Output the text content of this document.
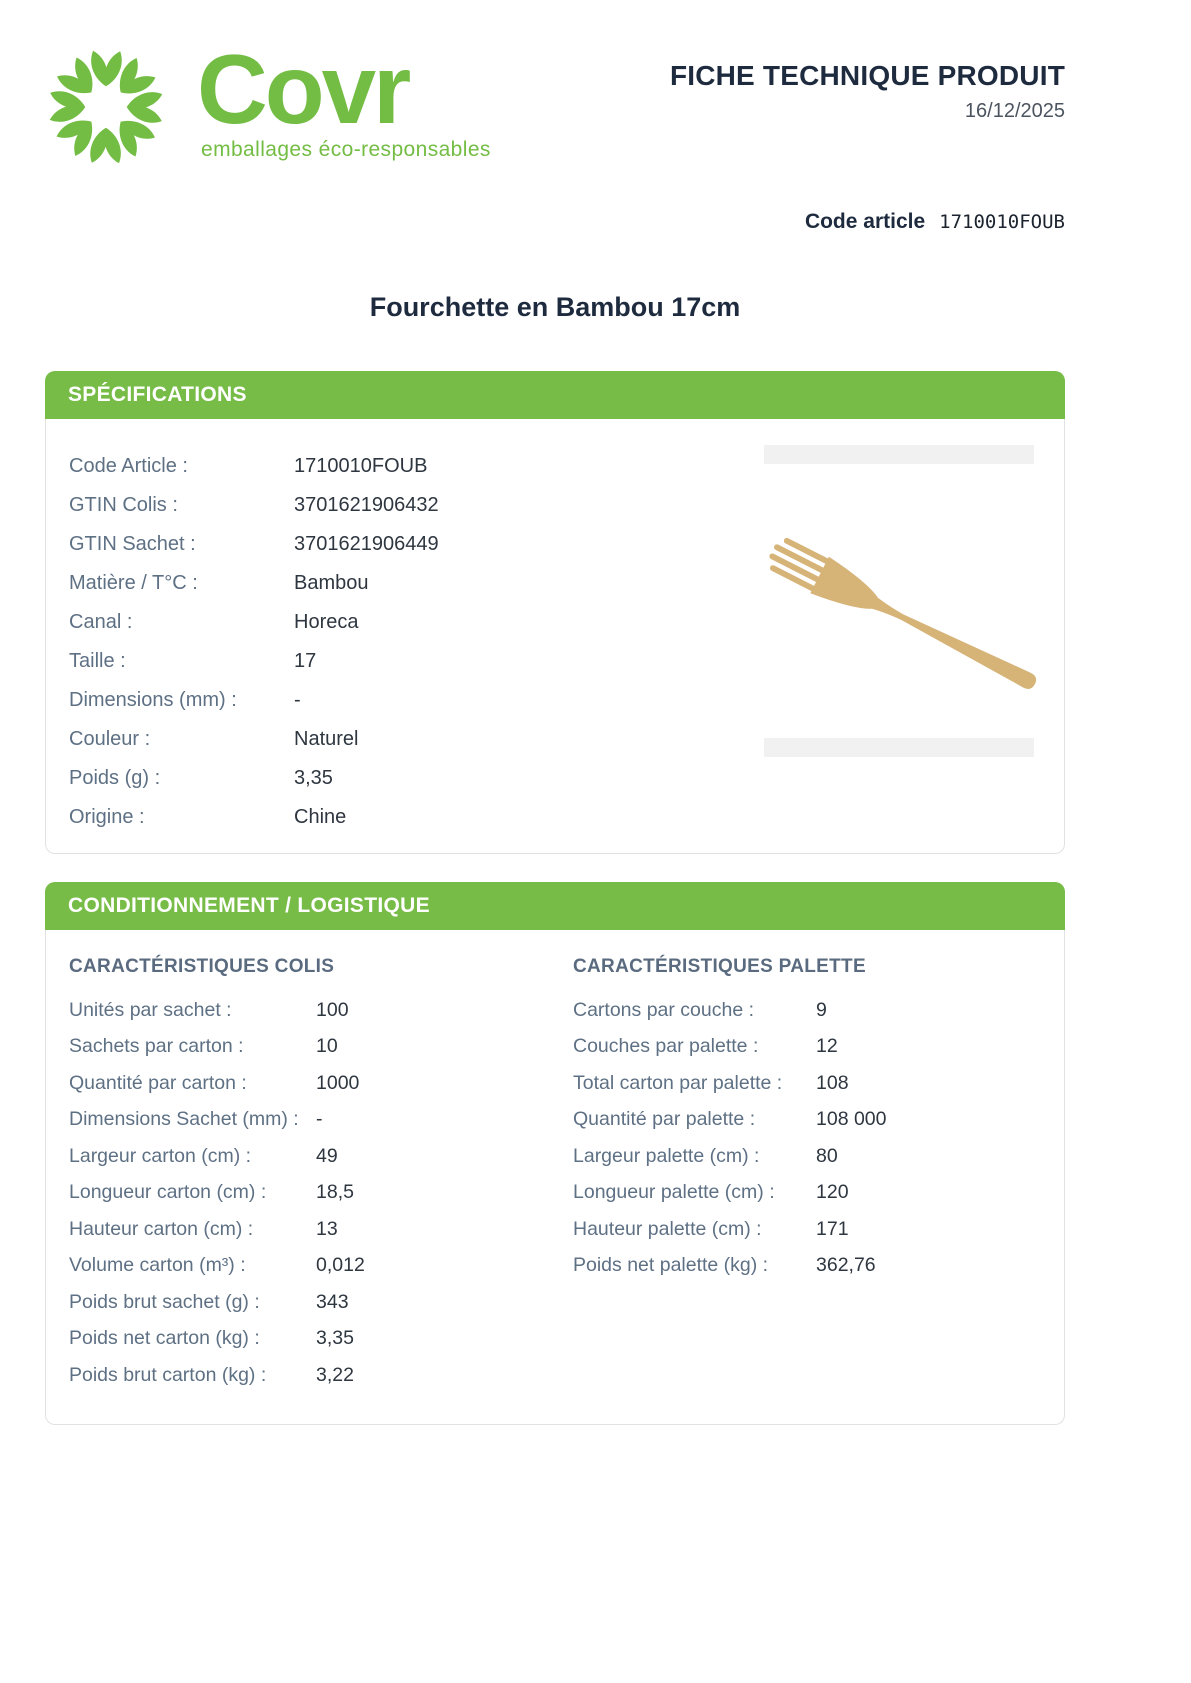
Covr
emballages éco-responsables
FICHE TECHNIQUE PRODUIT
16/12/2025
Code article 1710010FOUB
Fourchette en Bambou 17cm
SPÉCIFICATIONS
Code Article :	1710010FOUB
GTIN Colis :	3701621906432
GTIN Sachet :	3701621906449
Matière / T°C :	Bambou
Canal :	Horeca
Taille :	17
Dimensions (mm) :	-
Couleur :	Naturel
Poids (g) :	3,35
Origine :	Chine
CONDITIONNEMENT / LOGISTIQUE
CARACTÉRISTIQUES COLIS
Unités par sachet :	100
Sachets par carton :	10
Quantité par carton :	1000
Dimensions Sachet (mm) : -
Largeur carton (cm) :	49
Longueur carton (cm) :	18,5
Hauteur carton (cm) :	13
Volume carton (m³) :	0,012
Poids brut sachet (g) :	343
Poids net carton (kg) :	3,35
Poids brut carton (kg) :	3,22
CARACTÉRISTIQUES PALETTE
Cartons par couche :	9
Couches par palette :	12
Total carton par palette :	108
Quantité par palette :	108 000
Largeur palette (cm) :	80
Longueur palette (cm) :	120
Hauteur palette (cm) :	171
Poids net palette (kg) :	362,76
